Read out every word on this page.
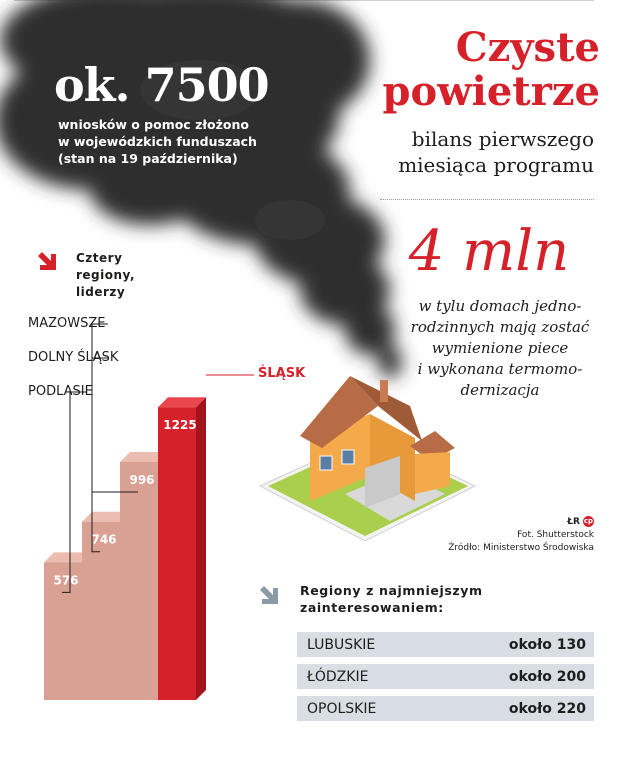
ok. 7500
wniosków o pomoc złożono
w wojewódzkich funduszach
(stan na 19 października)
Czyste powietrze
bilans pierwszego
miesiąca programu
4 mln
w tylu domach jedno-
rodzinnych mają zostać
wymienione piece
i wykonana termomo-
dernizacja
Cztery
regiony,
liderzy
MAZOWSZE
DOLNY ŚLĄSK
PODLASIE
ŚLĄSK
576
746
996
1225
ŁR cp
Fot. Shutterstock
Źródło: Ministerstwo Środowiska
Regiony z najmniejszym
zainteresowaniem:
LUBUSKIE	około 130
ŁÓDZKIE	około 200
OPOLSKIE	około 220
